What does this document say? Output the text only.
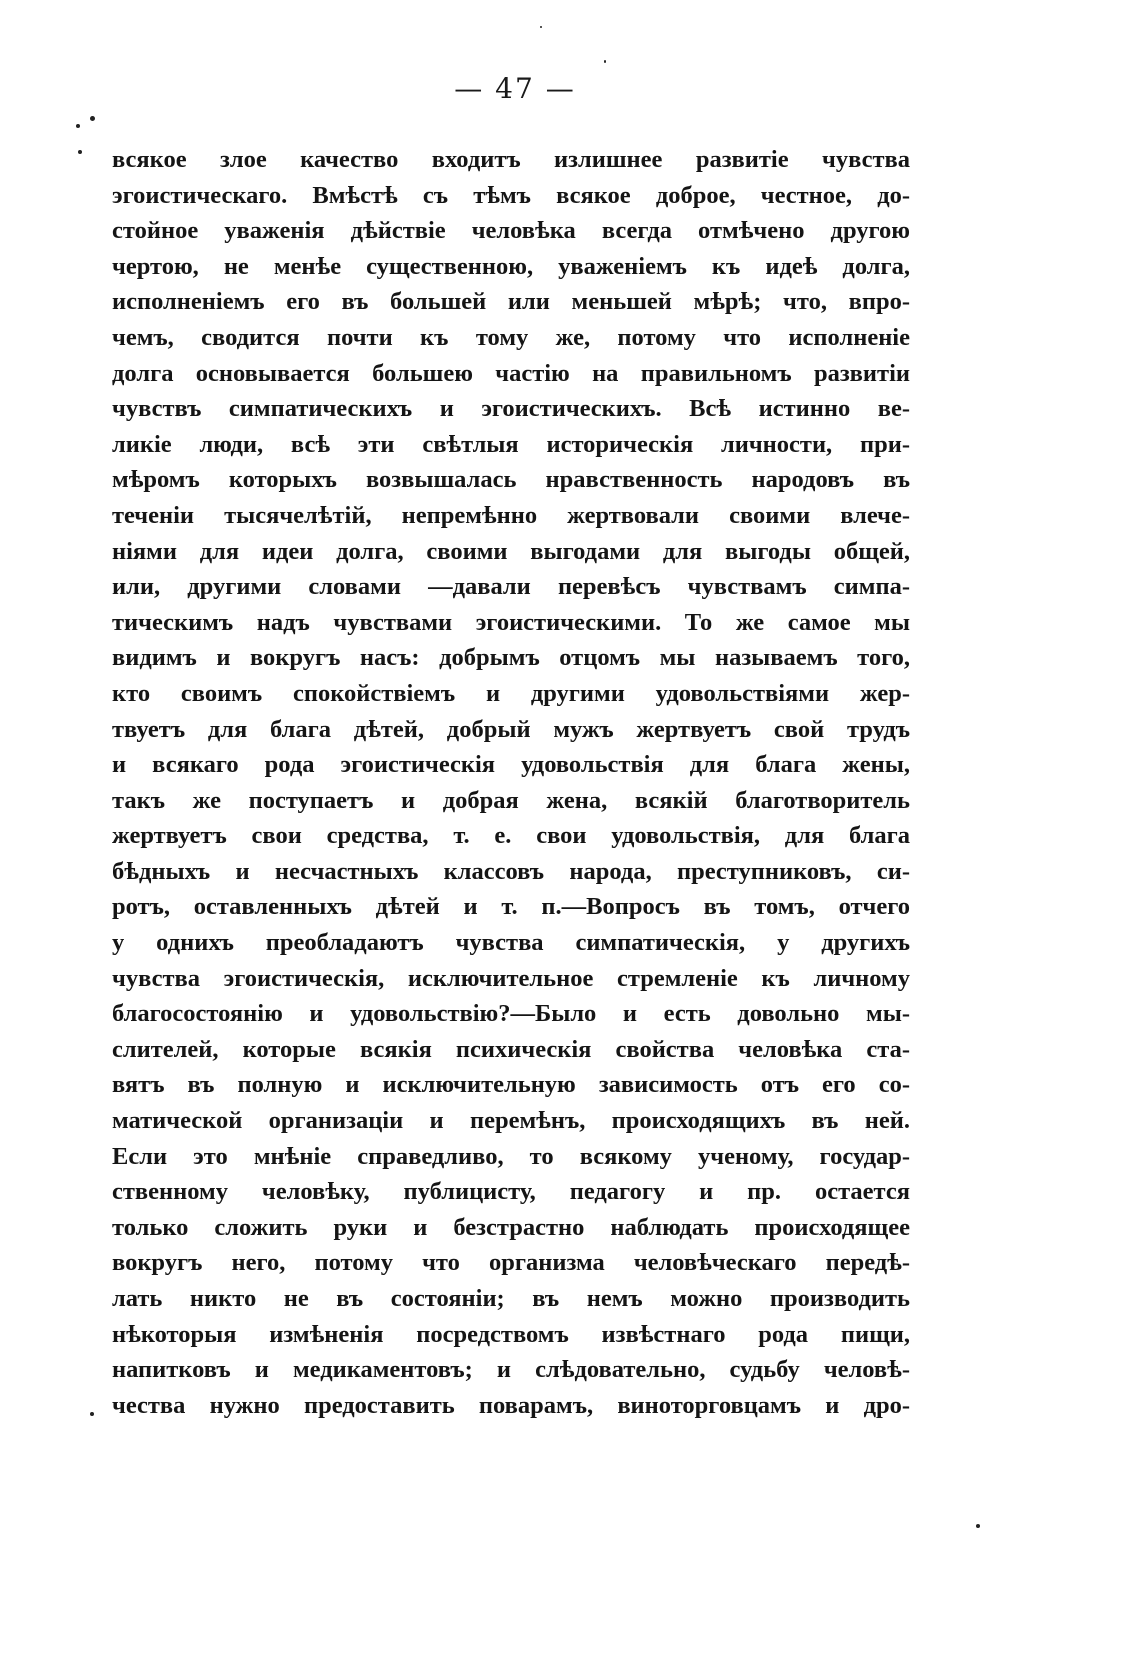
— 47 —
всякое злое качество входитъ излишнее развитіе чувства
эгоистическаго. Вмѣстѣ съ тѣмъ всякое доброе, честное, до-
стойное уваженія дѣйствіе человѣка всегда отмѣчено другою
чертою, не менѣе существенною, уваженіемъ къ идеѣ долга,
исполненіемъ его въ большей или меньшей мѣрѣ; что, впро-
чемъ, сводится почти къ тому же, потому что исполненіе
долга основывается большею частію на правильномъ развитіи
чувствъ симпатическихъ и эгоистическихъ. Всѣ истинно ве-
ликіе люди, всѣ эти свѣтлыя историческія личности, при-
мѣромъ которыхъ возвышалась нравственность народовъ въ
теченіи тысячелѣтій, непремѣнно жертвовали своими влече-
ніями для идеи долга, своими выгодами для выгоды общей,
или, другими словами —давали перевѣсъ чувствамъ симпа-
тическимъ надъ чувствами эгоистическими. То же самое мы
видимъ и вокругъ насъ: добрымъ отцомъ мы называемъ того,
кто своимъ спокойствіемъ и другими удовольствіями жер-
твуетъ для блага дѣтей, добрый мужъ жертвуетъ свой трудъ
и всякаго рода эгоистическія удовольствія для блага жены,
такъ же поступаетъ и добрая жена, всякій благотворитель
жертвуетъ свои средства, т. е. свои удовольствія, для блага
бѣдныхъ и несчастныхъ классовъ народа, преступниковъ, си-
ротъ, оставленныхъ дѣтей и т. п.—Вопросъ въ томъ, отчего
у однихъ преобладаютъ чувства симпатическія, у другихъ
чувства эгоистическія, исключительное стремленіе къ личному
благосостоянію и удовольствію?—Было и есть довольно мы-
слителей, которые всякія психическія свойства человѣка ста-
вятъ въ полную и исключительную зависимость отъ его со-
матической организаціи и перемѣнъ, происходящихъ въ ней.
Если это мнѣніе справедливо, то всякому ученому, государ-
ственному человѣку, публицисту, педагогу и пр. остается
только сложить руки и безстрастно наблюдать происходящее
вокругъ него, потому что организма человѣческаго передѣ-
лать никто не въ состояніи; въ немъ можно производить
нѣкоторыя измѣненія посредствомъ извѣстнаго рода пищи,
напитковъ и медикаментовъ; и слѣдовательно, судьбу человѣ-
чества нужно предоставить поварамъ, виноторговцамъ и дро-
